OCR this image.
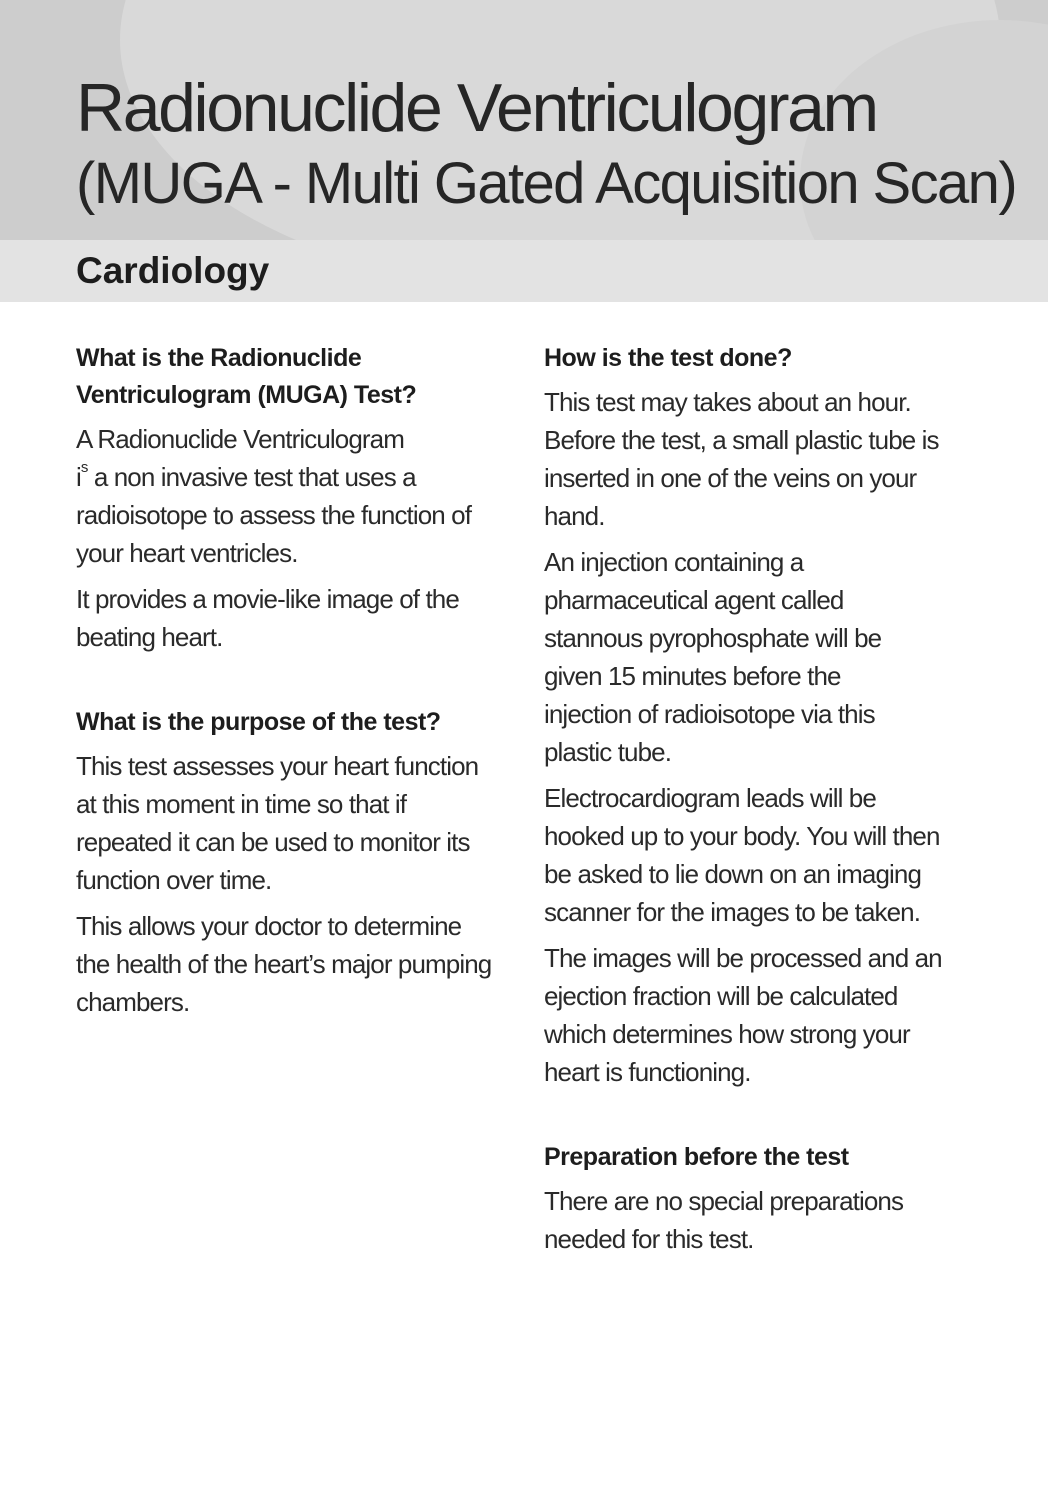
Radionuclide Ventriculogram
(MUGA - Multi Gated Acquisition Scan)
Cardiology
What is the Radionuclide
Ventriculogram (MUGA) Test?

A Radionuclide Ventriculogram
$i^s$ a non invasive test that uses a radioisotope to assess the function of your heart ventricles.

It provides a movie-like image of the beating heart.

What is the purpose of the test?

This test assesses your heart function at this moment in time so that if repeated it can be used to monitor its function over time.

This allows your doctor to determine the health of the heart’s major pumping chambers.

How is the test done?

This test may takes about an hour. Before the test, a small plastic tube is inserted in one of the veins on your hand.

An injection containing a pharmaceutical agent called stannous pyrophosphate will be given 15 minutes before the injection of radioisotope via this plastic tube.

Electrocardiogram leads will be hooked up to your body. You will then be asked to lie down on an imaging scanner for the images to be taken.

The images will be processed and an ejection fraction will be calculated which determines how strong your heart is functioning.

Preparation before the test

There are no special preparations needed for this test.
